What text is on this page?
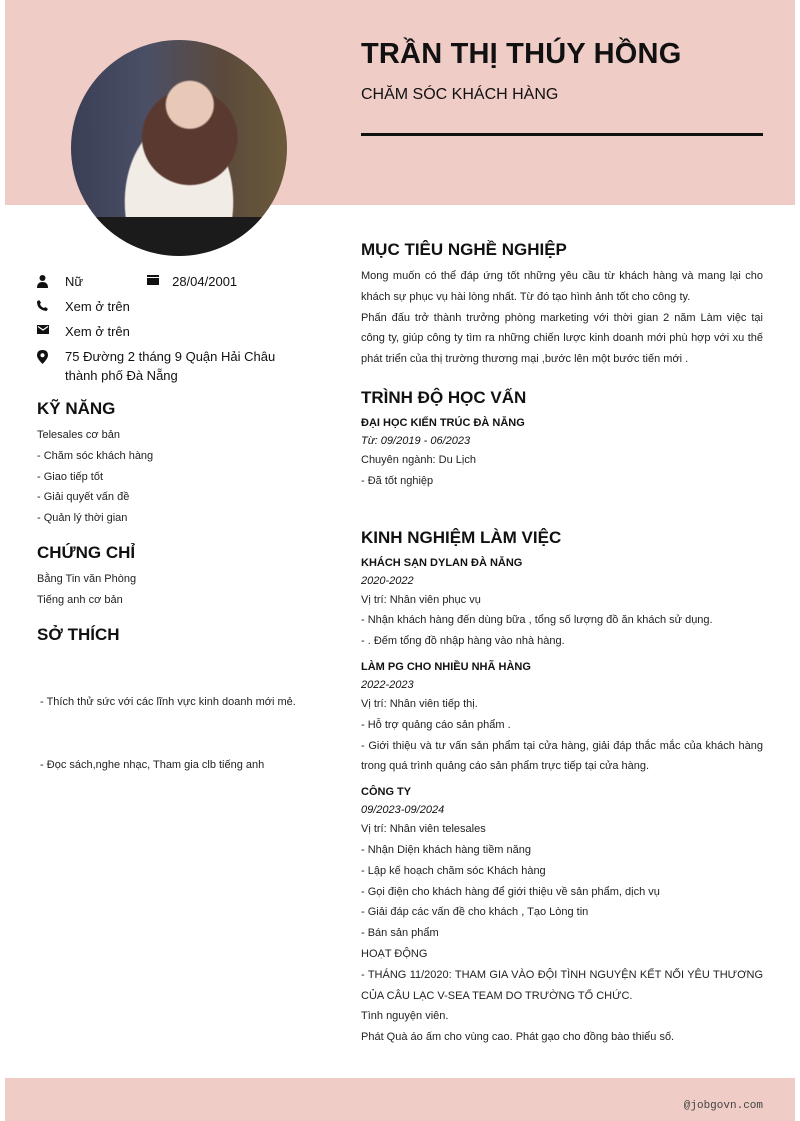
TRẦN THỊ THÚY HỒNG
CHĂM SÓC KHÁCH HÀNG
Nữ	28/04/2001
Xem ở trên
Xem ở trên
75 Đường 2 tháng 9 Quận Hải Châu thành phố Đà Nẵng
KỸ NĂNG
Telesales cơ bản
- Chăm sóc khách hàng
- Giao tiếp tốt
- Giải quyết vấn đề
- Quản lý thời gian
CHỨNG CHỈ
Bằng Tin văn Phòng
Tiếng anh cơ bản
SỞ THÍCH

- Thích thử sức với các lĩnh vực kinh doanh mới mẻ.

- Đọc sách,nghe nhạc, Tham gia clb tiếng anh

MỤC TIÊU NGHỀ NGHIỆP

Mong muốn có thể đáp ứng tốt những yêu cầu từ khách hàng và mang lại cho khách sự phục vụ hài lòng nhất. Từ đó tạo hình ảnh tốt cho công ty.

Phấn đấu trở thành trưởng phòng marketing với thời gian 2 năm Làm việc tại công ty, giúp công ty tìm ra những chiến lược kinh doanh mới phù hợp với xu thế phát triển của thị trường thương mại ,bước lên một bước tiến mới .

TRÌNH ĐỘ HỌC VẤN
ĐẠI HỌC KIẾN TRÚC ĐÀ NẴNG
Từ: 09/2019 - 06/2023
Chuyên ngành: Du Lịch
- Đã tốt nghiệp
KINH NGHIỆM LÀM VIỆC
KHÁCH SẠN DYLAN ĐÀ NẴNG
2020-2022
Vị trí: Nhân viên phục vụ
- Nhận khách hàng đến dùng bữa , tổng số lượng đồ ăn khách sử dụng.
- . Đếm tổng đồ nhập hàng vào nhà hàng.
LÀM PG CHO NHIỀU NHÃ HÀNG
2022-2023
Vị trí: Nhân viên tiếp thị.
- Hỗ trợ quảng cáo sản phẩm .
- Giới thiệu và tư vấn sản phẩm tại cửa hàng, giải đáp thắc mắc của khách hàng trong quá trình quảng cáo sản phẩm trực tiếp tại cửa hàng.
CÔNG TY
09/2023-09/2024
Vị trí: Nhân viên telesales
- Nhận Diện khách hàng tiềm năng
- Lập kế hoạch chăm sóc Khách hàng
- Gọi điện cho khách hàng để giới thiệu về sản phẩm, dịch vụ
- Giải đáp các vấn đề cho khách , Tạo Lòng tin
- Bán sản phẩm
HOẠT ĐỘNG
- THÁNG 11/2020: THAM GIA VÀO ĐỘI TÌNH NGUYỆN KẾT NỐI YÊU THƯƠNG CỦA CÂU LẠC V-SEA TEAM DO TRƯỜNG TỔ CHỨC.
Tình nguyện viên.
Phát Quà áo ấm cho vùng cao. Phát gạo cho đồng bào thiểu số.
@jobgovn.com
